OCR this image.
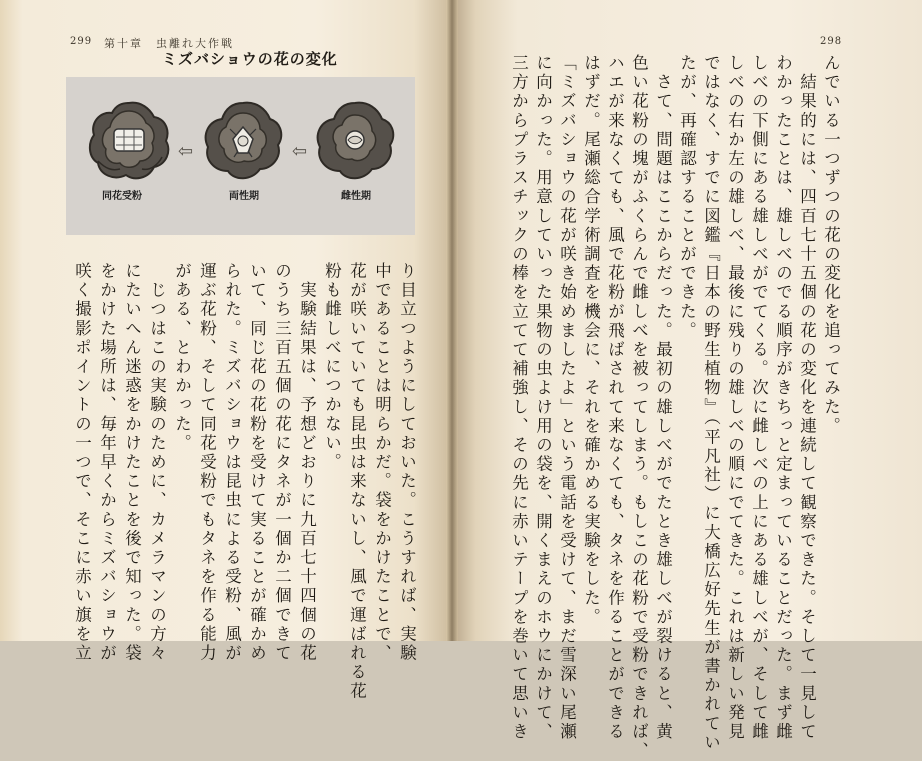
299 第十章　虫離れ大作戦	298
ミズバショウの花の変化
同花受粉
⇦
両性期
⇦
雌性期
り目立つようにしておいた。こうすれば、実験
中であることは明らかだ。袋をかけたことで、
花が咲いていても昆虫は来ないし、風で運ばれる花
粉も雌しべにつかない。
　実験結果は、予想どおりに九百七十四個の花
のうち三百五個の花にタネが一個か二個できて
いて、同じ花の花粉を受けて実ることが確かめ
られた。ミズバショウは昆虫による受粉、風が
運ぶ花粉、そして同花受粉でもタネを作る能力
がある、とわかった。
　じつはこの実験のために、カメラマンの方々
にたいへん迷惑をかけたことを後で知った。袋
をかけた場所は、毎年早くからミズバショウが
咲く撮影ポイントの一つで、そこに赤い旗を立
んでいる一つずつの花の変化を追ってみた。
　結果的には、四百七十五個の花の変化を連続して観察できた。そして一見して
わかったことは、雄しべのでる順序がきちっと定まっていることだった。まず雌
しべの下側にある雄しべがでてくる。次に雌しべの上にある雄しべが、そして雌
しべの右か左の雄しべ、最後に残りの雄しべの順にでてきた。これは新しい発見
ではなく、すでに図鑑『日本の野生植物』（平凡社）に大橋広好先生が書かれてい
たが、再確認することができた。
　さて、問題はここからだった。最初の雄しべがでたとき雄しべが裂けると、黄
色い花粉の塊がふくらんで雌しべを被ってしまう。もしこの花粉で受粉できれば、
ハエが来なくても、風で花粉が飛ばされて来なくても、タネを作ることができる
はずだ。尾瀬総合学術調査を機会に、それを確かめる実験をした。
「ミズバショウの花が咲き始めましたよ」という電話を受けて、まだ雪深い尾瀬
に向かった。用意していった果物の虫よけ用の袋を、開くまえのホウにかけて、
三方からプラスチックの棒を立てて補強し、その先に赤いテープを巻いて思いき
